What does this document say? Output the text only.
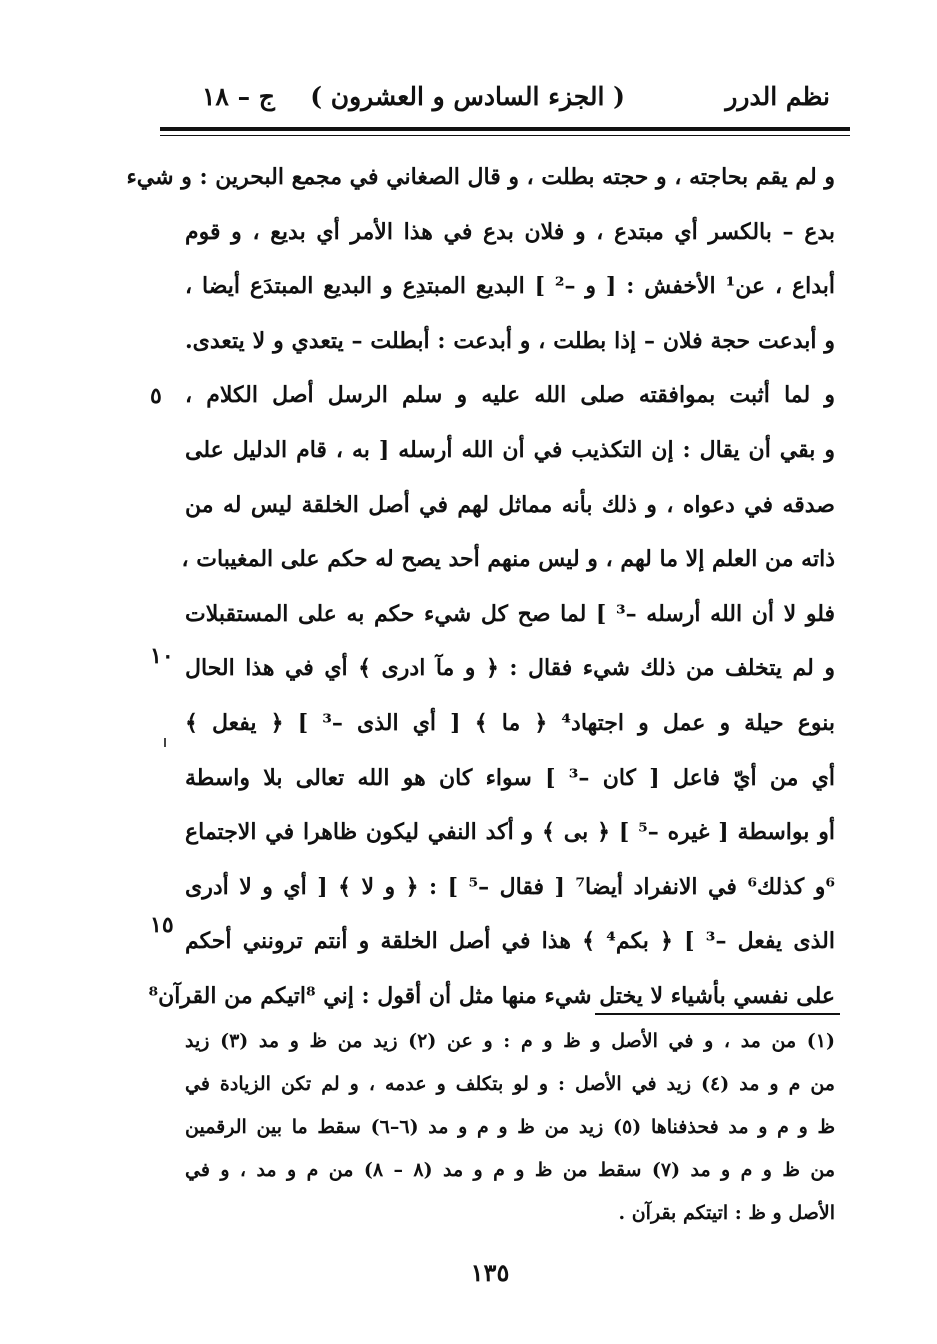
نظم الدرر
( الجزء السادس و العشرون )
ج – ١٨
و لم يقم بحاجته ، و حجته بطلت ، و قال الصغاني في مجمع البحرين : و شيء
بدع – بالكسر أي مبتدع ، و فلان بدع في هذا الأمر أي بديع ، و قوم
أبداع ، عن¹ الأخفش : [ و –² ] البديع المبتدِع و البديع المبتدَع أيضا ،
و أبدعت حجة فلان – إذا بطلت ، و أبدعت : أبطلت – يتعدي و لا يتعدى.
و لما أثبت بموافقته صلى الله عليه و سلم الرسل أصل الكلام ،
و بقي أن يقال : إن التكذيب في أن الله أرسله [ به ، قام الدليل على
صدقه في دعواه ، و ذلك بأنه مماثل لهم في أصل الخلقة ليس له من
ذاته من العلم إلا ما لهم ، و ليس منهم أحد يصح له حكم على المغيبات ،
فلو لا أن الله أرسله –³ ] لما صح كل شيء حكم به على المستقبلات
و لم يتخلف من ذلك شيء فقال : ﴿ و مآ ادرى ﴾ أي في هذا الحال
بنوع حيلة و عمل و اجتهاد⁴ ﴿ ما ﴾ [ أي الذى –³ ] ﴿ يفعل ﴾
أي من أيّ فاعل [ كان –³ ] سواء كان هو الله تعالى بلا واسطة
أو بواسطة [ غيره –⁵ ] ﴿ بى ﴾ و أكد النفي ليكون ظاهرا في الاجتماع
⁶و كذلك⁶ في الانفراد أيضا⁷ [ فقال –⁵ ] : ﴿ و لا ﴾ [ أي و لا أدرى
الذى يفعل –³ ] ﴿ بكم⁴ ﴾ هذا في أصل الخلقة و أنتم ترونني أحكم
على نفسي بأشياء لا يختل شيء منها مثل أن أقول : إني ⁸اتيكم من القرآن⁸
٥
١٠
١٥
(١) من مد ، و في الأصل و ظ و م : و عن (٢) زيد من ظ و مد (٣) زيد
من م و مد (٤) زيد في الأصل : و لو بتكلف و عدمه ، و لم تكن الزيادة في
ظ و م و مد فحذفناها (٥) زيد من ظ و م و مد (٦–٦) سقط ما بين الرقمين
من ظ و م و مد (٧) سقط من ظ و م و مد (٨ – ٨) من م و مد ، و في
الأصل و ظ : اتيتكم بقرآن .
١٣٥
